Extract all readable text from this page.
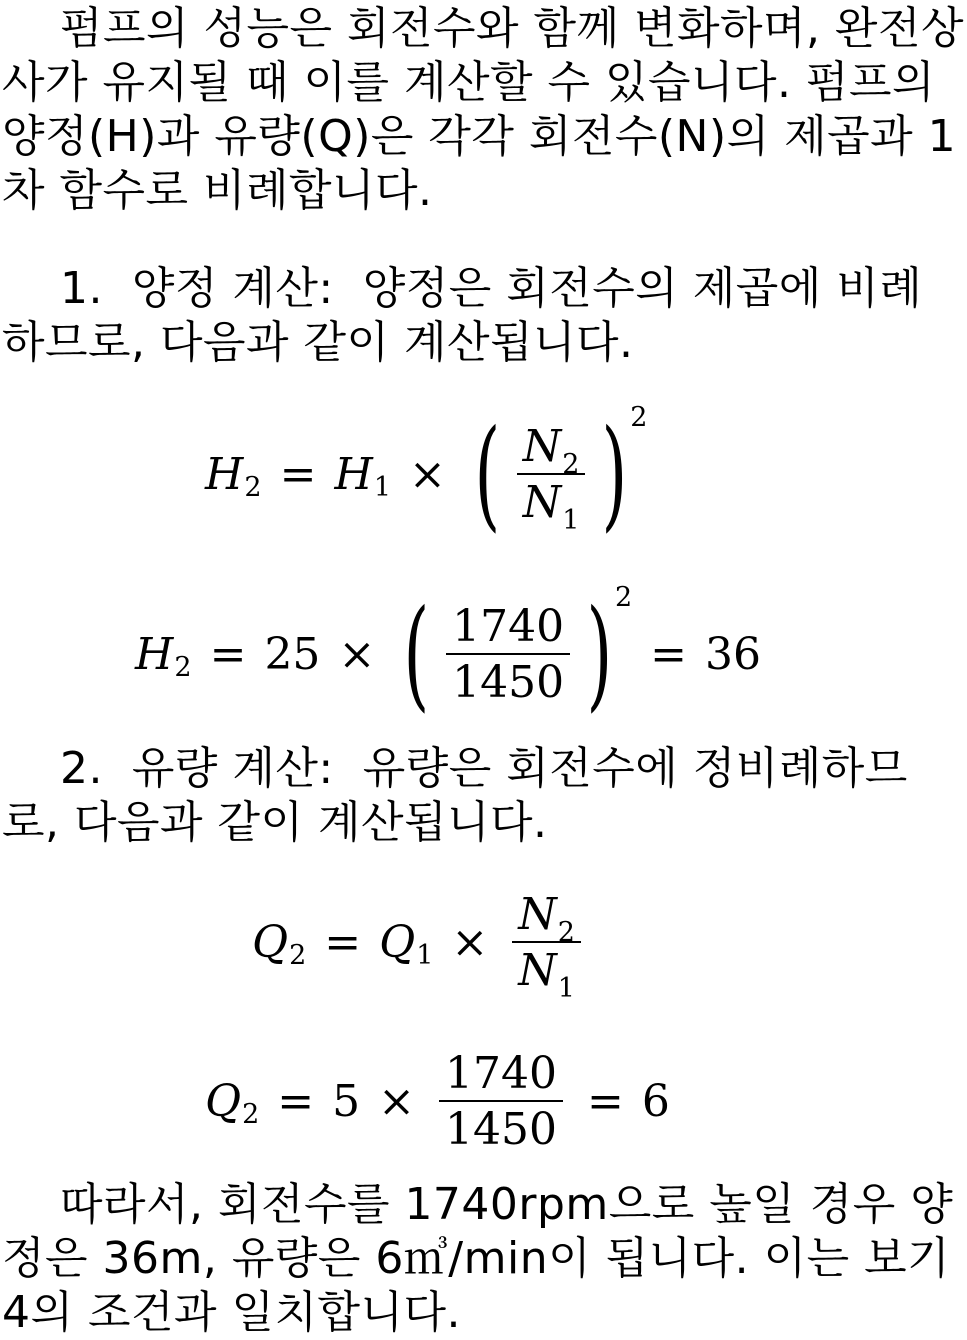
펌프의 성능은 회전수와 함께 변화하며, 완전상사가 유지될 때 이를 계산할 수 있습니다. 펌프의 양정(H)과 유량(Q)은 각각 회전수(N)의 제곱과 1차 함수로 비례합니다.

1.  양정 계산:  양정은 회전수의 제곱에 비례하므로, 다음과 같이 계산됩니다.

H 2 = H 1 × ( $\frac{N_2}{N_1}$ ) 2
H 2 = 25 × ( $\frac{1740}{1450}$ ) 2
= 36

2.  유량 계산:  유량은 회전수에 정비례하므로, 다음과 같이 계산됩니다.

Q 2 = Q $1 \times \frac{N_2}{N_1}$
Q $2 = 5 \times \frac{1740}{1450} = 6$

따라서, 회전수를 1740rpm으로 높일 경우 양정은 36m, 유량은 6㎥/min이 됩니다. 이는 보기 4의 조건과 일치합니다.
